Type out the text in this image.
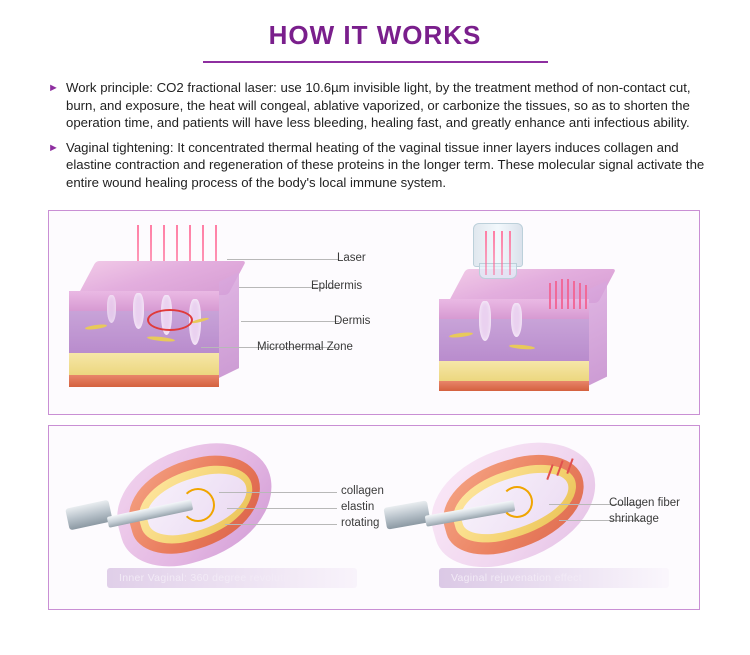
HOW IT WORKS
► Work principle: CO2 fractional laser: use 10.6µm invisible light, by the treatment method of non-contact cut, burn, and exposure, the heat will congeal, ablative vaporized, or carbonize the tissues, so as to shorten the operation time, and patients will have less bleeding, healing fast, and greatly enhance anti infectious ability.
► Vaginal tightening: It concentrated thermal heating of the vaginal tissue inner layers induces collagen and elastine contraction and regeneration of these proteins in the longer term. These molecular signal activate the entire wound healing process of the body's local immune system.
Laser
Epldermis
Dermis
Microthermal Zone
collagen
elastin
rotating
Inner Vaginal: 360 degree revolution
Collagen fiber
shrinkage
Vaginal rejuvenation effect
